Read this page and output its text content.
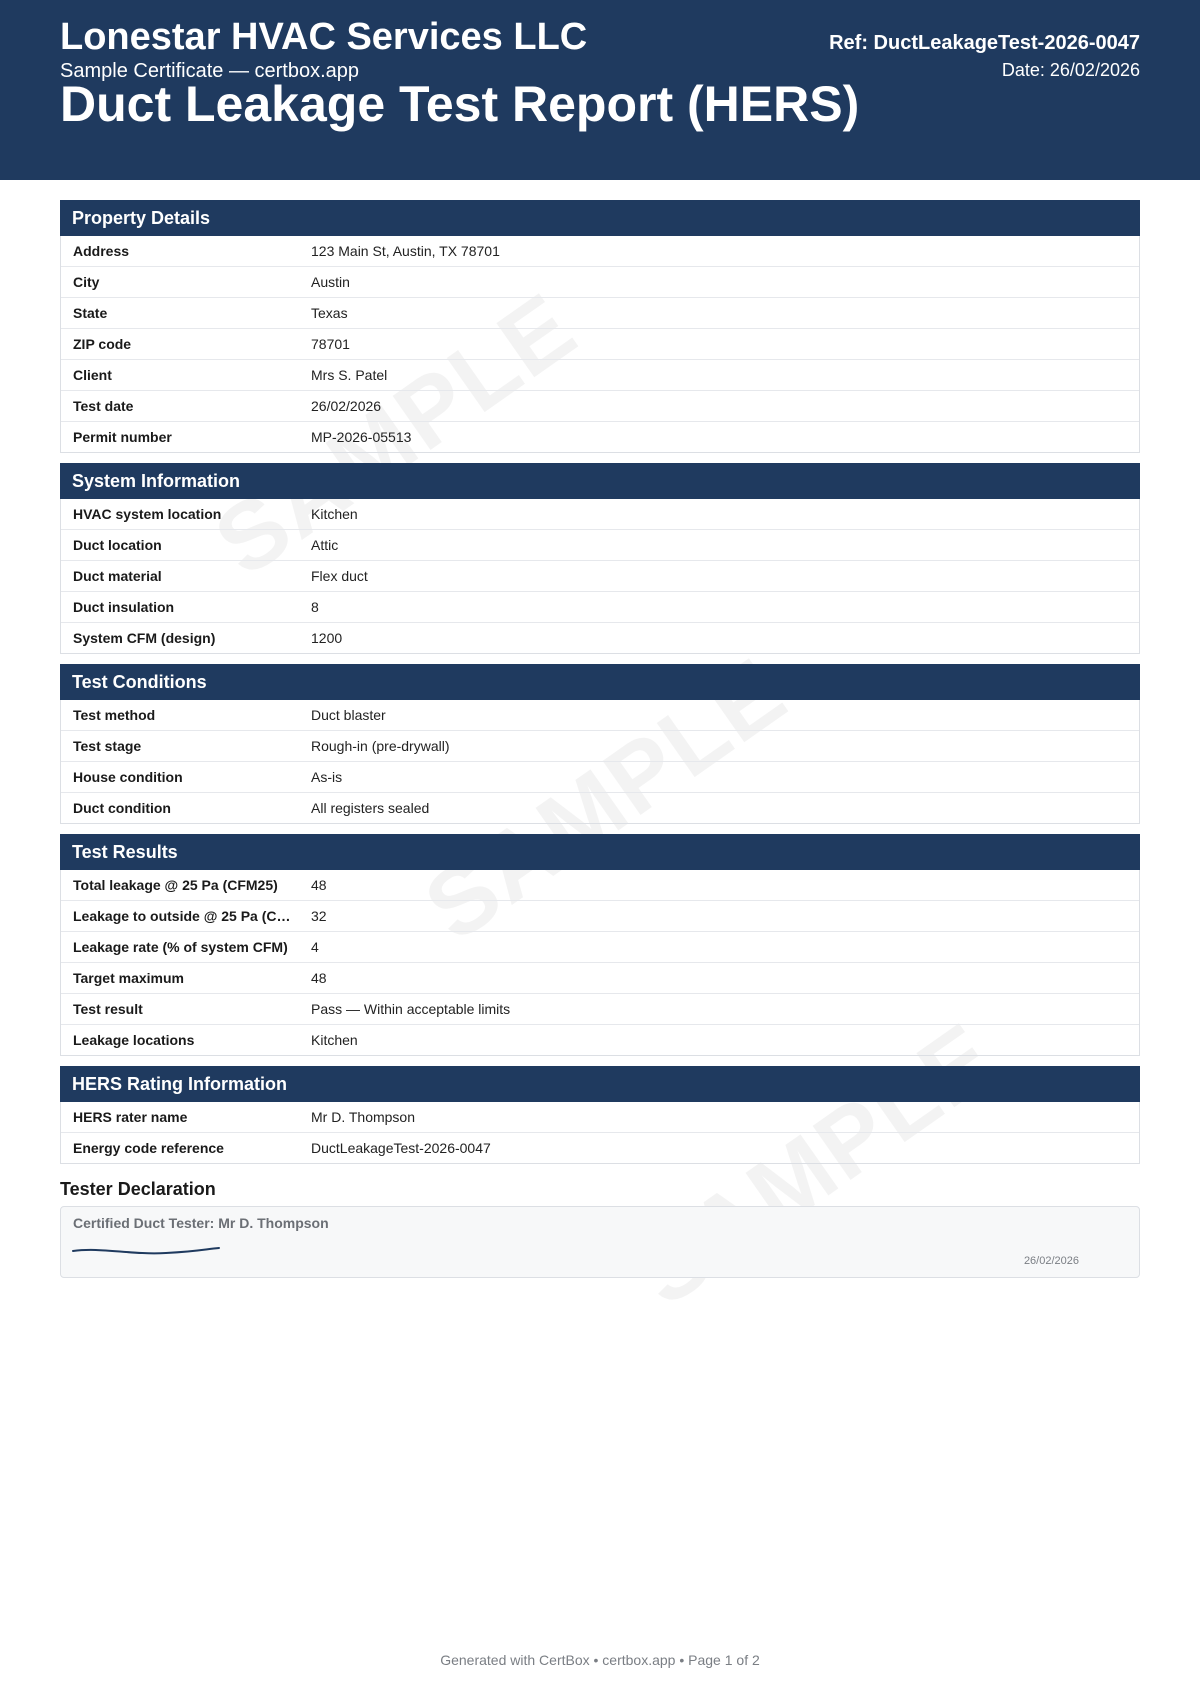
Lonestar HVAC Services LLC
Sample Certificate — certbox.app
Duct Leakage Test Report (HERS)
Ref: DuctLeakageTest-2026-0047
Date: 26/02/2026
Property Details
Address	123 Main St, Austin, TX 78701
City	Austin
State	Texas
ZIP code	78701
Client	Mrs S. Patel
Test date	26/02/2026
Permit number	MP-2026-05513
System Information
HVAC system location	Kitchen
Duct location	Attic
Duct material	Flex duct
Duct insulation	8
System CFM (design)	1200
Test Conditions
Test method	Duct blaster
Test stage	Rough-in (pre-drywall)
House condition	As-is
Duct condition	All registers sealed
Test Results
Total leakage @ 25 Pa (CFM25)	48
Leakage to outside @ 25 Pa (C…	32
Leakage rate (% of system CFM)	4
Target maximum	48
Test result	Pass — Within acceptable limits
Leakage locations	Kitchen
HERS Rating Information
HERS rater name	Mr D. Thompson
Energy code reference	DuctLeakageTest-2026-0047
Tester Declaration
Certified Duct Tester: Mr D. Thompson
26/02/2026
Generated with CertBox • certbox.app • Page 1 of 2
